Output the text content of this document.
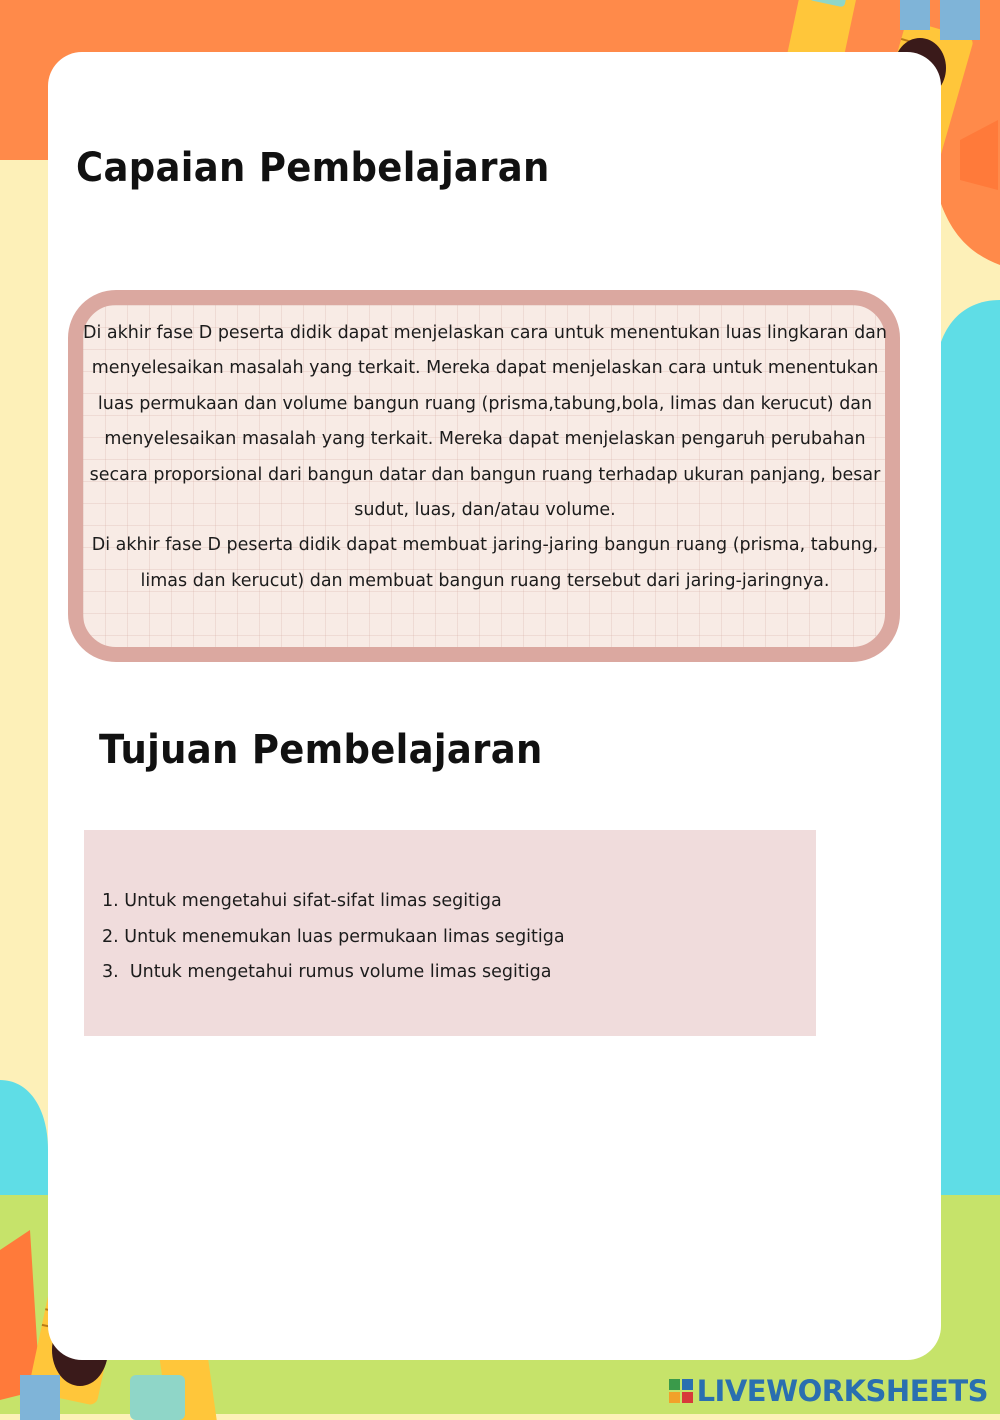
Capaian Pembelajaran

Di akhir fase D peserta didik dapat menjelaskan cara untuk menentukan luas lingkaran dan menyelesaikan masalah yang terkait. Mereka dapat menjelaskan cara untuk menentukan luas permukaan dan volume bangun ruang (prisma,tabung,bola, limas dan kerucut) dan menyelesaikan masalah yang terkait. Mereka dapat menjelaskan pengaruh perubahan secara proporsional dari bangun datar dan bangun ruang terhadap ukuran panjang, besar sudut, luas, dan/atau volume.

Di akhir fase D peserta didik dapat membuat jaring-jaring bangun ruang (prisma, tabung, limas dan kerucut) dan membuat bangun ruang tersebut dari jaring-jaringnya.

Tujuan Pembelajaran
1. Untuk mengetahui sifat-sifat limas segitiga
2. Untuk menemukan luas permukaan limas segitiga
3.  Untuk mengetahui rumus volume limas segitiga
LIVEWORKSHEETS
